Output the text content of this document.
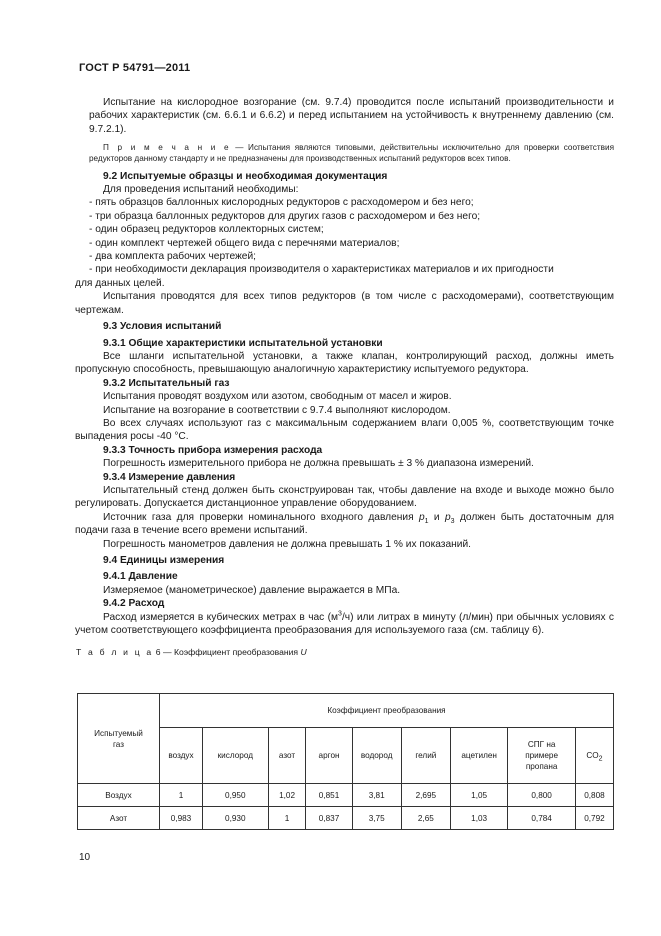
ГОСТ Р 54791—2011

Испытание на кислородное возгорание (см. 9.7.4) проводится после испытаний производительности и рабочих характеристик (см. 6.6.1 и 6.6.2) и перед испытанием на устойчивость к внутреннему давлению (см. 9.7.2.1).

П р и м е ч а н и е — Испытания являются типовыми, действительны исключительно для проверки соответствия редукторов данному стандарту и не предназначены для производственных испытаний редукторов всех типов.

9.2 Испытуемые образцы и необходимая документация

Для проведения испытаний необходимы:

- пять образцов баллонных кислородных редукторов с расходомером и без него;

- три образца баллонных редукторов для других газов с расходомером и без него;

- один образец редукторов коллекторных систем;

- один комплект чертежей общего вида с перечнями материалов;

- два комплекта рабочих чертежей;

- при необходимости декларация производителя о характеристиках материалов и их пригодности

для данных целей.

Испытания проводятся для всех типов редукторов (в том числе с расходомерами), соответствующим чертежам.

9.3 Условия испытаний

9.3.1 Общие характеристики испытательной установки

Все шланги испытательной установки, а также клапан, контролирующий расход, должны иметь пропускную способность, превышающую аналогичную характеристику испытуемого редуктора.

9.3.2 Испытательный газ

Испытания проводят воздухом или азотом, свободным от масел и жиров.

Испытание на возгорание в соответствии с 9.7.4 выполняют кислородом.

Во всех случаях используют газ с максимальным содержанием влаги 0,005 %, соответствующим точке выпадения росы -40 °C.

9.3.3 Точность прибора измерения расхода

Погрешность измерительного прибора не должна превышать ± 3 % диапазона измерений.

9.3.4 Измерение давления

Испытательный стенд должен быть сконструирован так, чтобы давление на входе и выходе можно было регулировать. Допускается дистанционное управление оборудованием.

Источник газа для проверки номинального входного давления $p_1$ и $p_3$ должен быть достаточным для подачи газа в течение всего времени испытаний.

Погрешность манометров давления не должна превышать 1 % их показаний.

9.4 Единицы измерения

9.4.1 Давление

Измеряемое (манометрическое) давление выражается в МПа.

9.4.2 Расход

Расход измеряется в кубических метрах в час $(м^3/ч)$ или литрах в минуту (л/мин) при обычных условиях с учетом соответствующего коэффициента преобразования для используемого газа (см. таблицу 6).

Т а б л и ц а 6 — Коэффициент преобразования U
Испытуемый
газ	Коэффициент преобразования								
	воздух	кислород	азот	аргон	водород	гелий	ацетилен	СПГ на
примере
пропана	$CO_2$
Воздух	1	0,950	1,02	0,851	3,81	2,695	1,05	0,800	0,808
Азот	0,983	0,930	1	0,837	3,75	2,65	1,03	0,784	0,792
10
